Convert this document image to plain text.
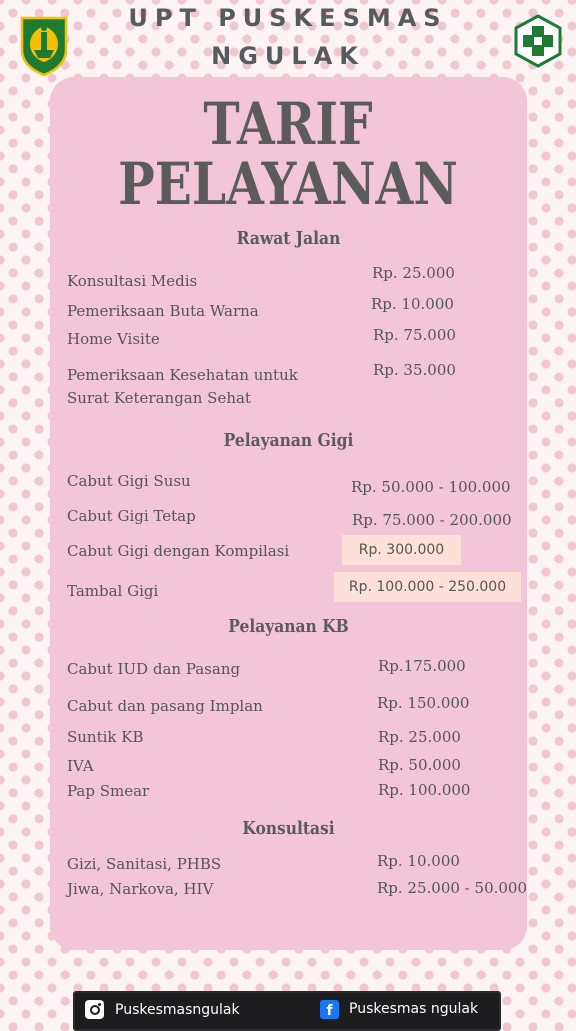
UPT PUSKESMAS
NGULAK
TARIF
PELAYANAN
Rawat Jalan
Konsultasi Medis	Rp. 25.000
Pemeriksaan Buta Warna	Rp. 10.000
Home Visite	Rp. 75.000
Pemeriksaan Kesehatan untuk
Surat Keterangan Sehat
Rp. 35.000
Pelayanan Gigi
Cabut Gigi Susu	Rp. 50.000 - 100.000
Cabut Gigi Tetap	Rp. 75.000 - 200.000
Cabut Gigi dengan Kompilasi	Rp. 300.000
Tambal Gigi	Rp. 100.000 - 250.000
Pelayanan KB
Cabut IUD dan Pasang	Rp.175.000
Cabut dan pasang Implan	Rp. 150.000
Suntik KB	Rp. 25.000
IVA	Rp. 50.000
Pap Smear	Rp. 100.000
Konsultasi
Gizi, Sanitasi, PHBS	Rp. 10.000
Jiwa, Narkova, HIV	Rp. 25.000 - 50.000
Puskesmasngulak	f	Puskesmas ngulak
